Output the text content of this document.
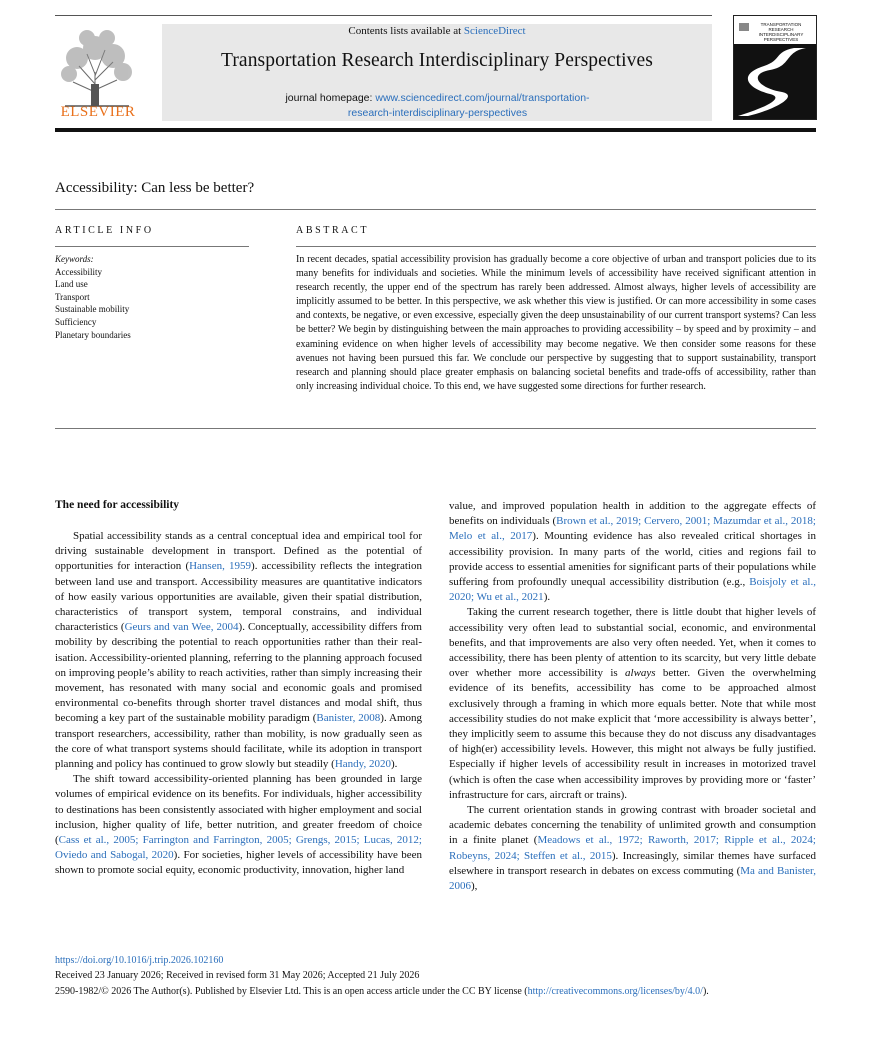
ELSEVIER
Contents lists available at ScienceDirect
Transportation Research Interdisciplinary Perspectives
journal homepage: www.sciencedirect.com/journal/transportation-
research-interdisciplinary-perspectives
TRANSPORTATION RESEARCH INTERDISCIPLINARY PERSPECTIVES
Accessibility: Can less be better?
ARTICLE INFO
Keywords:
Accessibility
Land use
Transport
Sustainable mobility
Sufficiency
Planetary boundaries
ABSTRACT
In recent decades, spatial accessibility provision has gradually become a core objective of urban and transport policies due to its many benefits for individuals and societies. While the minimum levels of accessibility have received significant attention in research recently, the upper end of the spectrum has rarely been addressed. Almost always, higher levels of accessibility are implicitly assumed to be better. In this perspective, we ask whether this view is justified. Or can more accessibility in some cases and contexts, be negative, or even excessive, especially given the deep unsustainability of our current transport systems? Can less be better? We begin by distinguishing between the main approaches to providing accessibility – by speed and by proximity – and examining evidence on when higher levels of accessibility may become negative. We then consider some reasons for these avenues not having been pursued this far. We conclude our perspective by suggesting that to support sustainability, transport research and planning should place greater emphasis on balancing societal benefits and trade-offs of accessibility, rather than only increasing individual choice. To this end, we have suggested some directions for further research.
The need for accessibility

Spatial accessibility stands as a central conceptual idea and empirical tool for driving sustainable development in transport. Defined as the potential of opportunities for interaction (Hansen, 1959). accessibility reflects the integration between land use and transport. Accessibility measures are quantitative indicators of how easily various opportunities are available, given their spatial distribution, characteristics of transport system, temporal constrains, and individual characteristics (Geurs and van Wee, 2004). Conceptually, accessibility differs from mobility by describing the potential to reach opportunities rather than their realisation. Accessibility-oriented planning, referring to the planning approach focused on improving people’s ability to reach activities, rather than simply increasing their movement, has resonated with many social and economic goals and promised environmental co-benefits through shorter travel distances and modal shift, thus becoming a key part of the sustainable mobility paradigm (Banister, 2008). Among transport researchers, accessibility, rather than mobility, is now gradually seen as the core of what transport systems should facilitate, while its adoption in transport planning and policy has continued to grow slowly but steadily (Handy, 2020).

The shift toward accessibility-oriented planning has been grounded in large volumes of empirical evidence on its benefits. For individuals, higher accessibility to destinations has been consistently associated with higher employment and social inclusion, higher quality of life, better nutrition, and greater freedom of choice (Cass et al., 2005; Farrington and Farrington, 2005; Grengs, 2015; Lucas, 2012; Oviedo and Sabogal, 2020). For societies, higher levels of accessibility have been shown to promote social equity, economic productivity, innovation, higher land

value, and improved population health in addition to the aggregate effects of benefits on individuals (Brown et al., 2019; Cervero, 2001; Mazumdar et al., 2018; Melo et al., 2017). Mounting evidence has also revealed critical shortages in accessibility provision. In many parts of the world, cities and regions fail to provide access to essential amenities for significant parts of their populations while suffering from profoundly unequal accessibility distribution (e.g., Boisjoly et al., 2020; Wu et al., 2021).

Taking the current research together, there is little doubt that higher levels of accessibility very often lead to substantial social, economic, and environmental benefits, and that improvements are also very often needed. Yet, when it comes to accessibility, there has been plenty of attention to its scarcity, but very little debate over whether more accessibility is always better. Given the overwhelming evidence of its benefits, accessibility has come to be approached almost exclusively through a framing in which more equals better. Note that while most accessibility studies do not make explicit that ‘more accessibility is always better’, they implicitly seem to assume this because they do not discuss any disadvantages of high(er) accessibility levels. However, this might not always be fully justified. Especially if higher levels of accessibility result in increases in motorized travel (which is often the case when accessibility improves by providing more or ‘faster’ infrastructure for cars, aircraft or trains).

The current orientation stands in growing contrast with broader societal and academic debates concerning the tenability of unlimited growth and consumption in a finite planet (Meadows et al., 1972; Raworth, 2017; Ripple et al., 2024; Robeyns, 2024; Steffen et al., 2015). Increasingly, similar themes have surfaced elsewhere in transport research in debates on excess commuting (Ma and Banister, 2006),

https://doi.org/10.1016/j.trip.2026.102160
Received 23 January 2026; Received in revised form 31 May 2026; Accepted 21 July 2026
2590-1982/© 2026 The Author(s). Published by Elsevier Ltd. This is an open access article under the CC BY license (http://creativecommons.org/licenses/by/4.0/).
